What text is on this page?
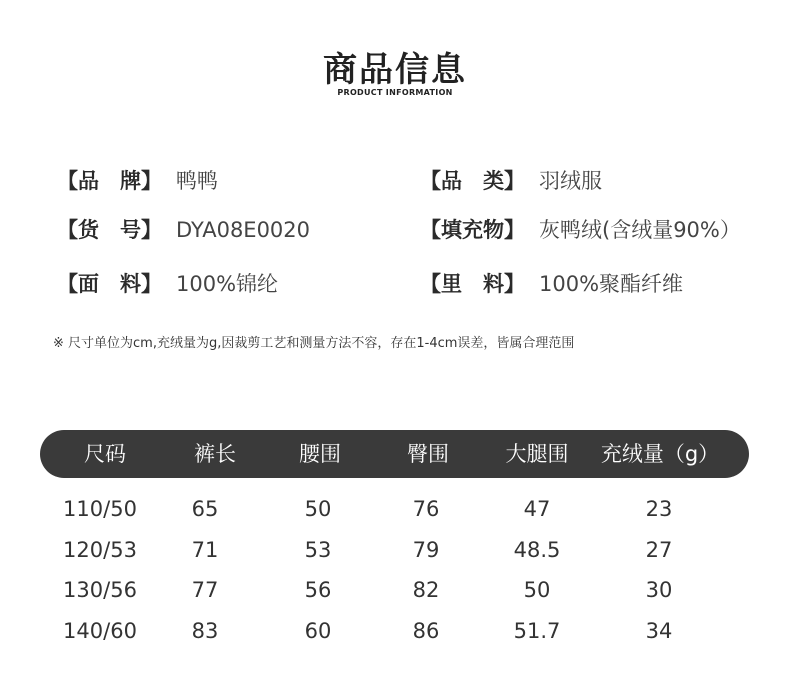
商品信息
PRODUCT INFORMATION
【品　牌】 鸭鸭	【品　类】 羽绒服
【货　号】 DYA08E0020	【填充物】 灰鸭绒(含绒量90%）
【面　料】 100%锦纶	【里　料】 100%聚酯纤维
※ 尺寸单位为cm,充绒量为g,因裁剪工艺和测量方法不容，存在1-4cm误差，皆属合理范围
尺码	裤长	腰围	臀围	大腿围	充绒量（g）
110/50	65	50	76	47	23
120/53	71	53	79	48.5	27
130/56	77	56	82	50	30
140/60	83	60	86	51.7	34
